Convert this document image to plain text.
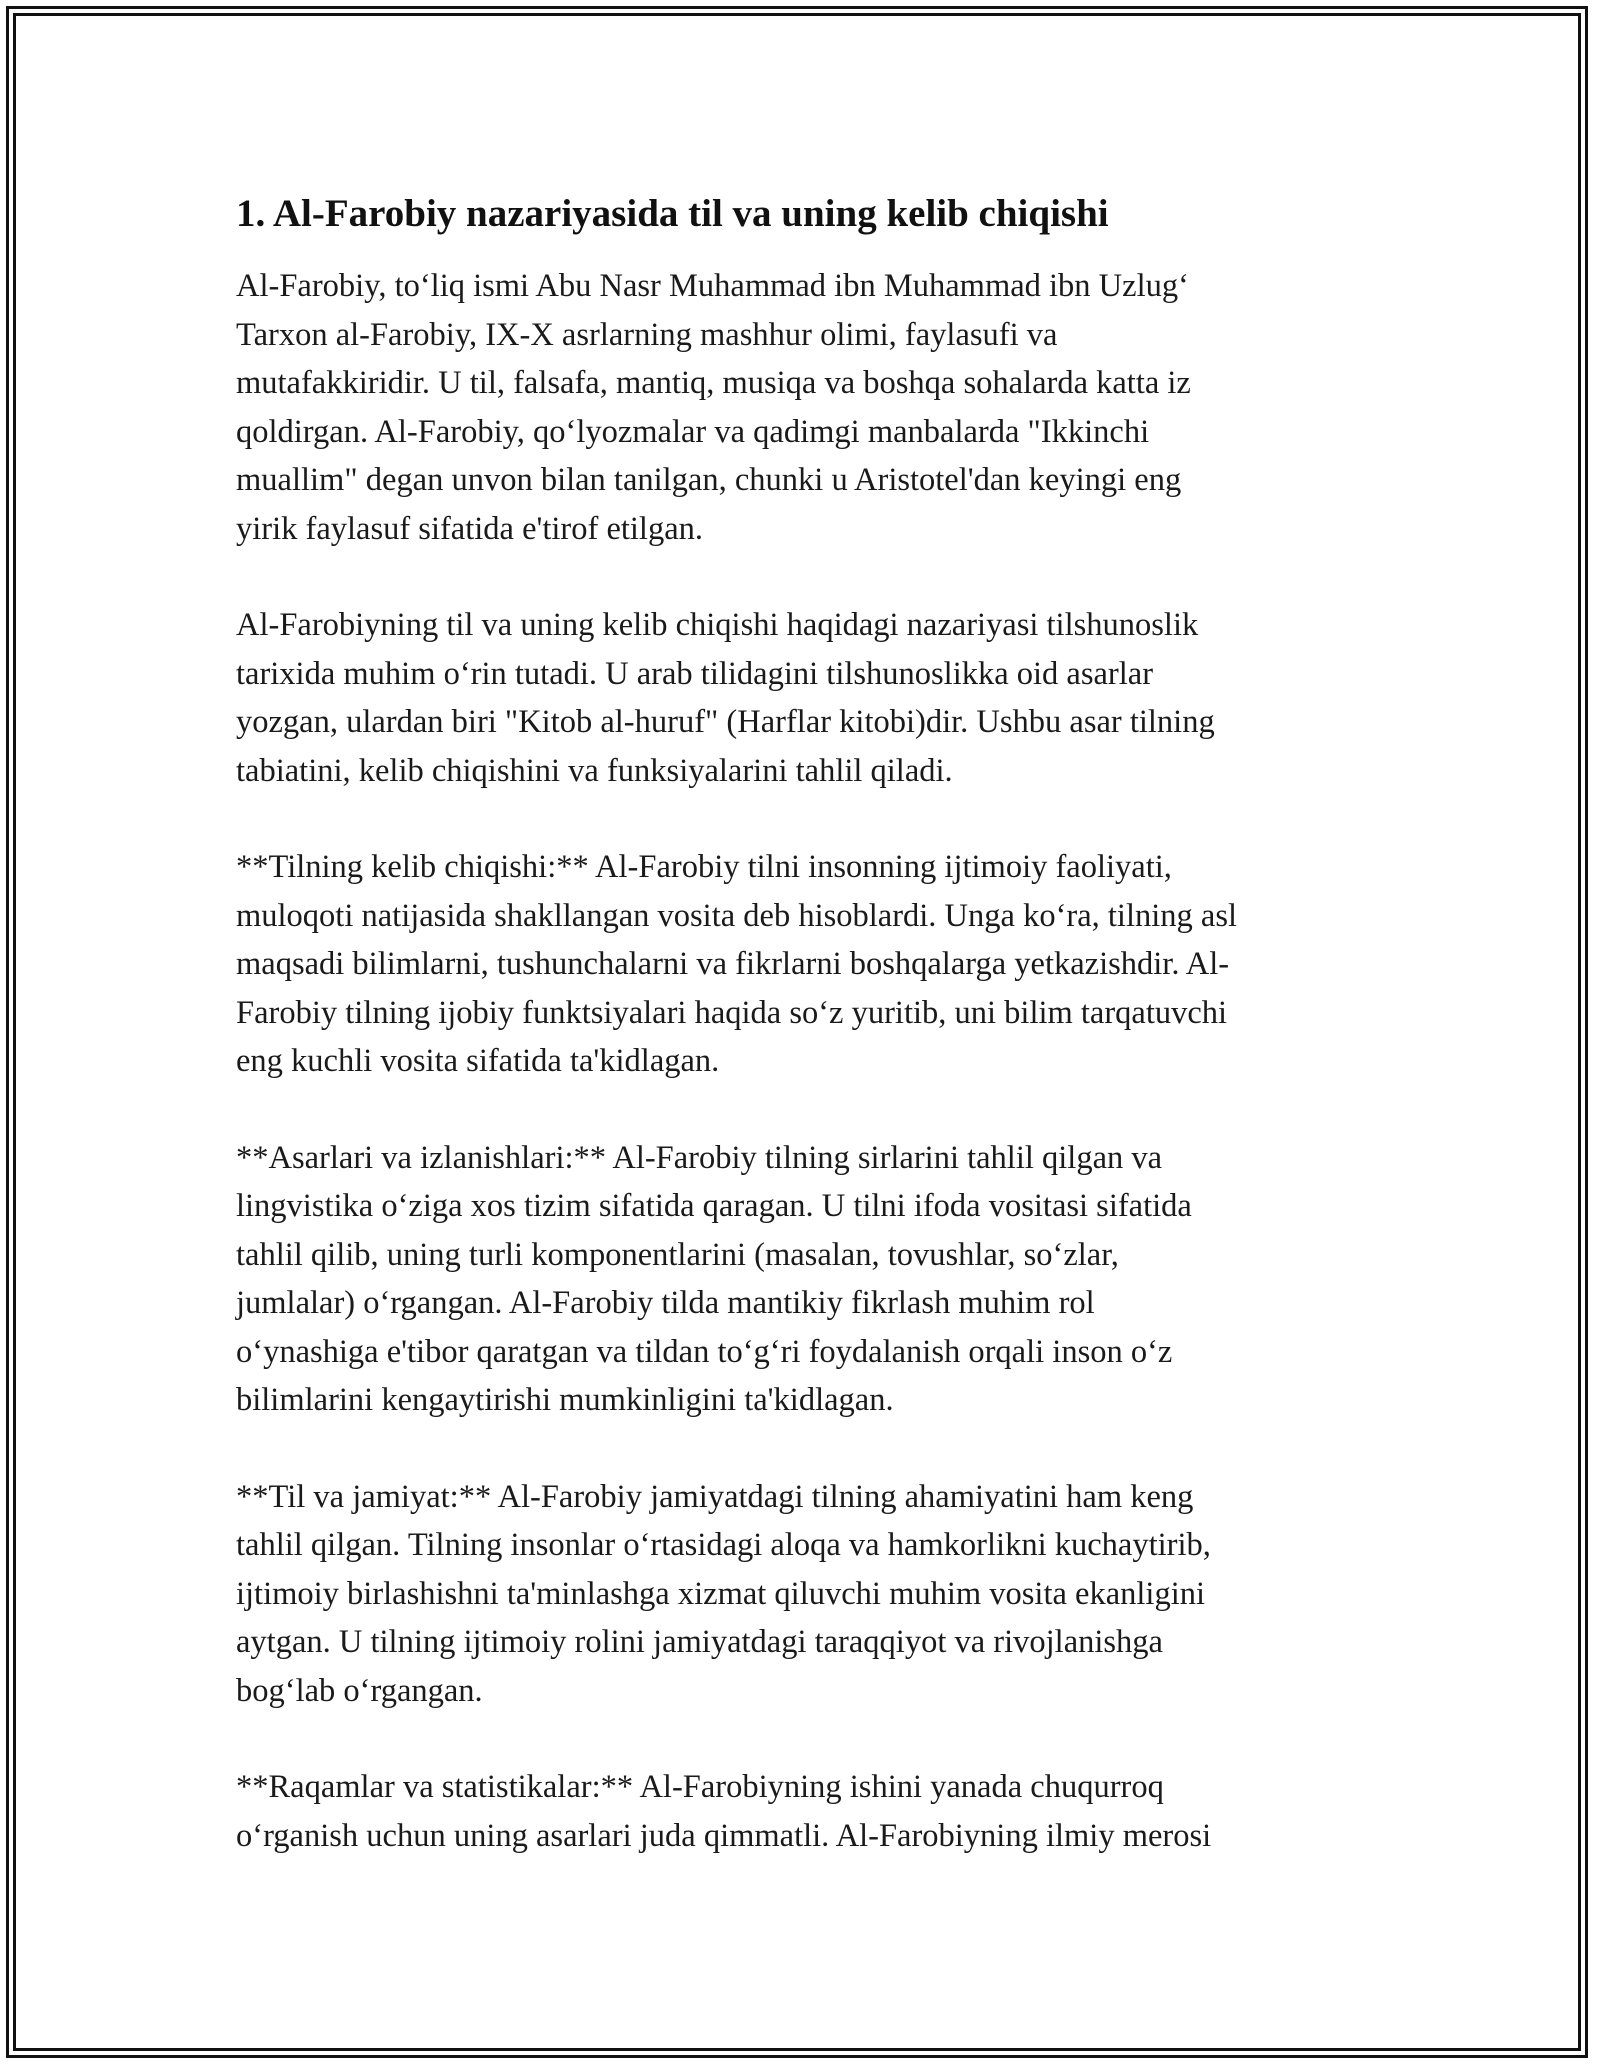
1. Al-Farobiy nazariyasida til va uning kelib chiqishi
Al-Farobiy, to‘liq ismi Abu Nasr Muhammad ibn Muhammad ibn Uzlug‘
Tarxon al-Farobiy, IX-X asrlarning mashhur olimi, faylasufi va
mutafakkiridir. U til, falsafa, mantiq, musiqa va boshqa sohalarda katta iz
qoldirgan. Al-Farobiy, qo‘lyozmalar va qadimgi manbalarda "Ikkinchi
muallim" degan unvon bilan tanilgan, chunki u Aristotel'dan keyingi eng
yirik faylasuf sifatida e'tirof etilgan.
Al-Farobiyning til va uning kelib chiqishi haqidagi nazariyasi tilshunoslik
tarixida muhim o‘rin tutadi. U arab tilidagini tilshunoslikka oid asarlar
yozgan, ulardan biri "Kitob al-huruf" (Harflar kitobi)dir. Ushbu asar tilning
tabiatini, kelib chiqishini va funksiyalarini tahlil qiladi.
**Tilning kelib chiqishi:** Al-Farobiy tilni insonning ijtimoiy faoliyati,
muloqoti natijasida shakllangan vosita deb hisoblardi. Unga ko‘ra, tilning asl
maqsadi bilimlarni, tushunchalarni va fikrlarni boshqalarga yetkazishdir. Al-
Farobiy tilning ijobiy funktsiyalari haqida so‘z yuritib, uni bilim tarqatuvchi
eng kuchli vosita sifatida ta'kidlagan.
**Asarlari va izlanishlari:** Al-Farobiy tilning sirlarini tahlil qilgan va
lingvistika o‘ziga xos tizim sifatida qaragan. U tilni ifoda vositasi sifatida
tahlil qilib, uning turli komponentlarini (masalan, tovushlar, so‘zlar,
jumlalar) o‘rgangan. Al-Farobiy tilda mantikiy fikrlash muhim rol
o‘ynashiga e'tibor qaratgan va tildan to‘g‘ri foydalanish orqali inson o‘z
bilimlarini kengaytirishi mumkinligini ta'kidlagan.
**Til va jamiyat:** Al-Farobiy jamiyatdagi tilning ahamiyatini ham keng
tahlil qilgan. Tilning insonlar o‘rtasidagi aloqa va hamkorlikni kuchaytirib,
ijtimoiy birlashishni ta'minlashga xizmat qiluvchi muhim vosita ekanligini
aytgan. U tilning ijtimoiy rolini jamiyatdagi taraqqiyot va rivojlanishga
bog‘lab o‘rgangan.
**Raqamlar va statistikalar:** Al-Farobiyning ishini yanada chuqurroq
o‘rganish uchun uning asarlari juda qimmatli. Al-Farobiyning ilmiy merosi
